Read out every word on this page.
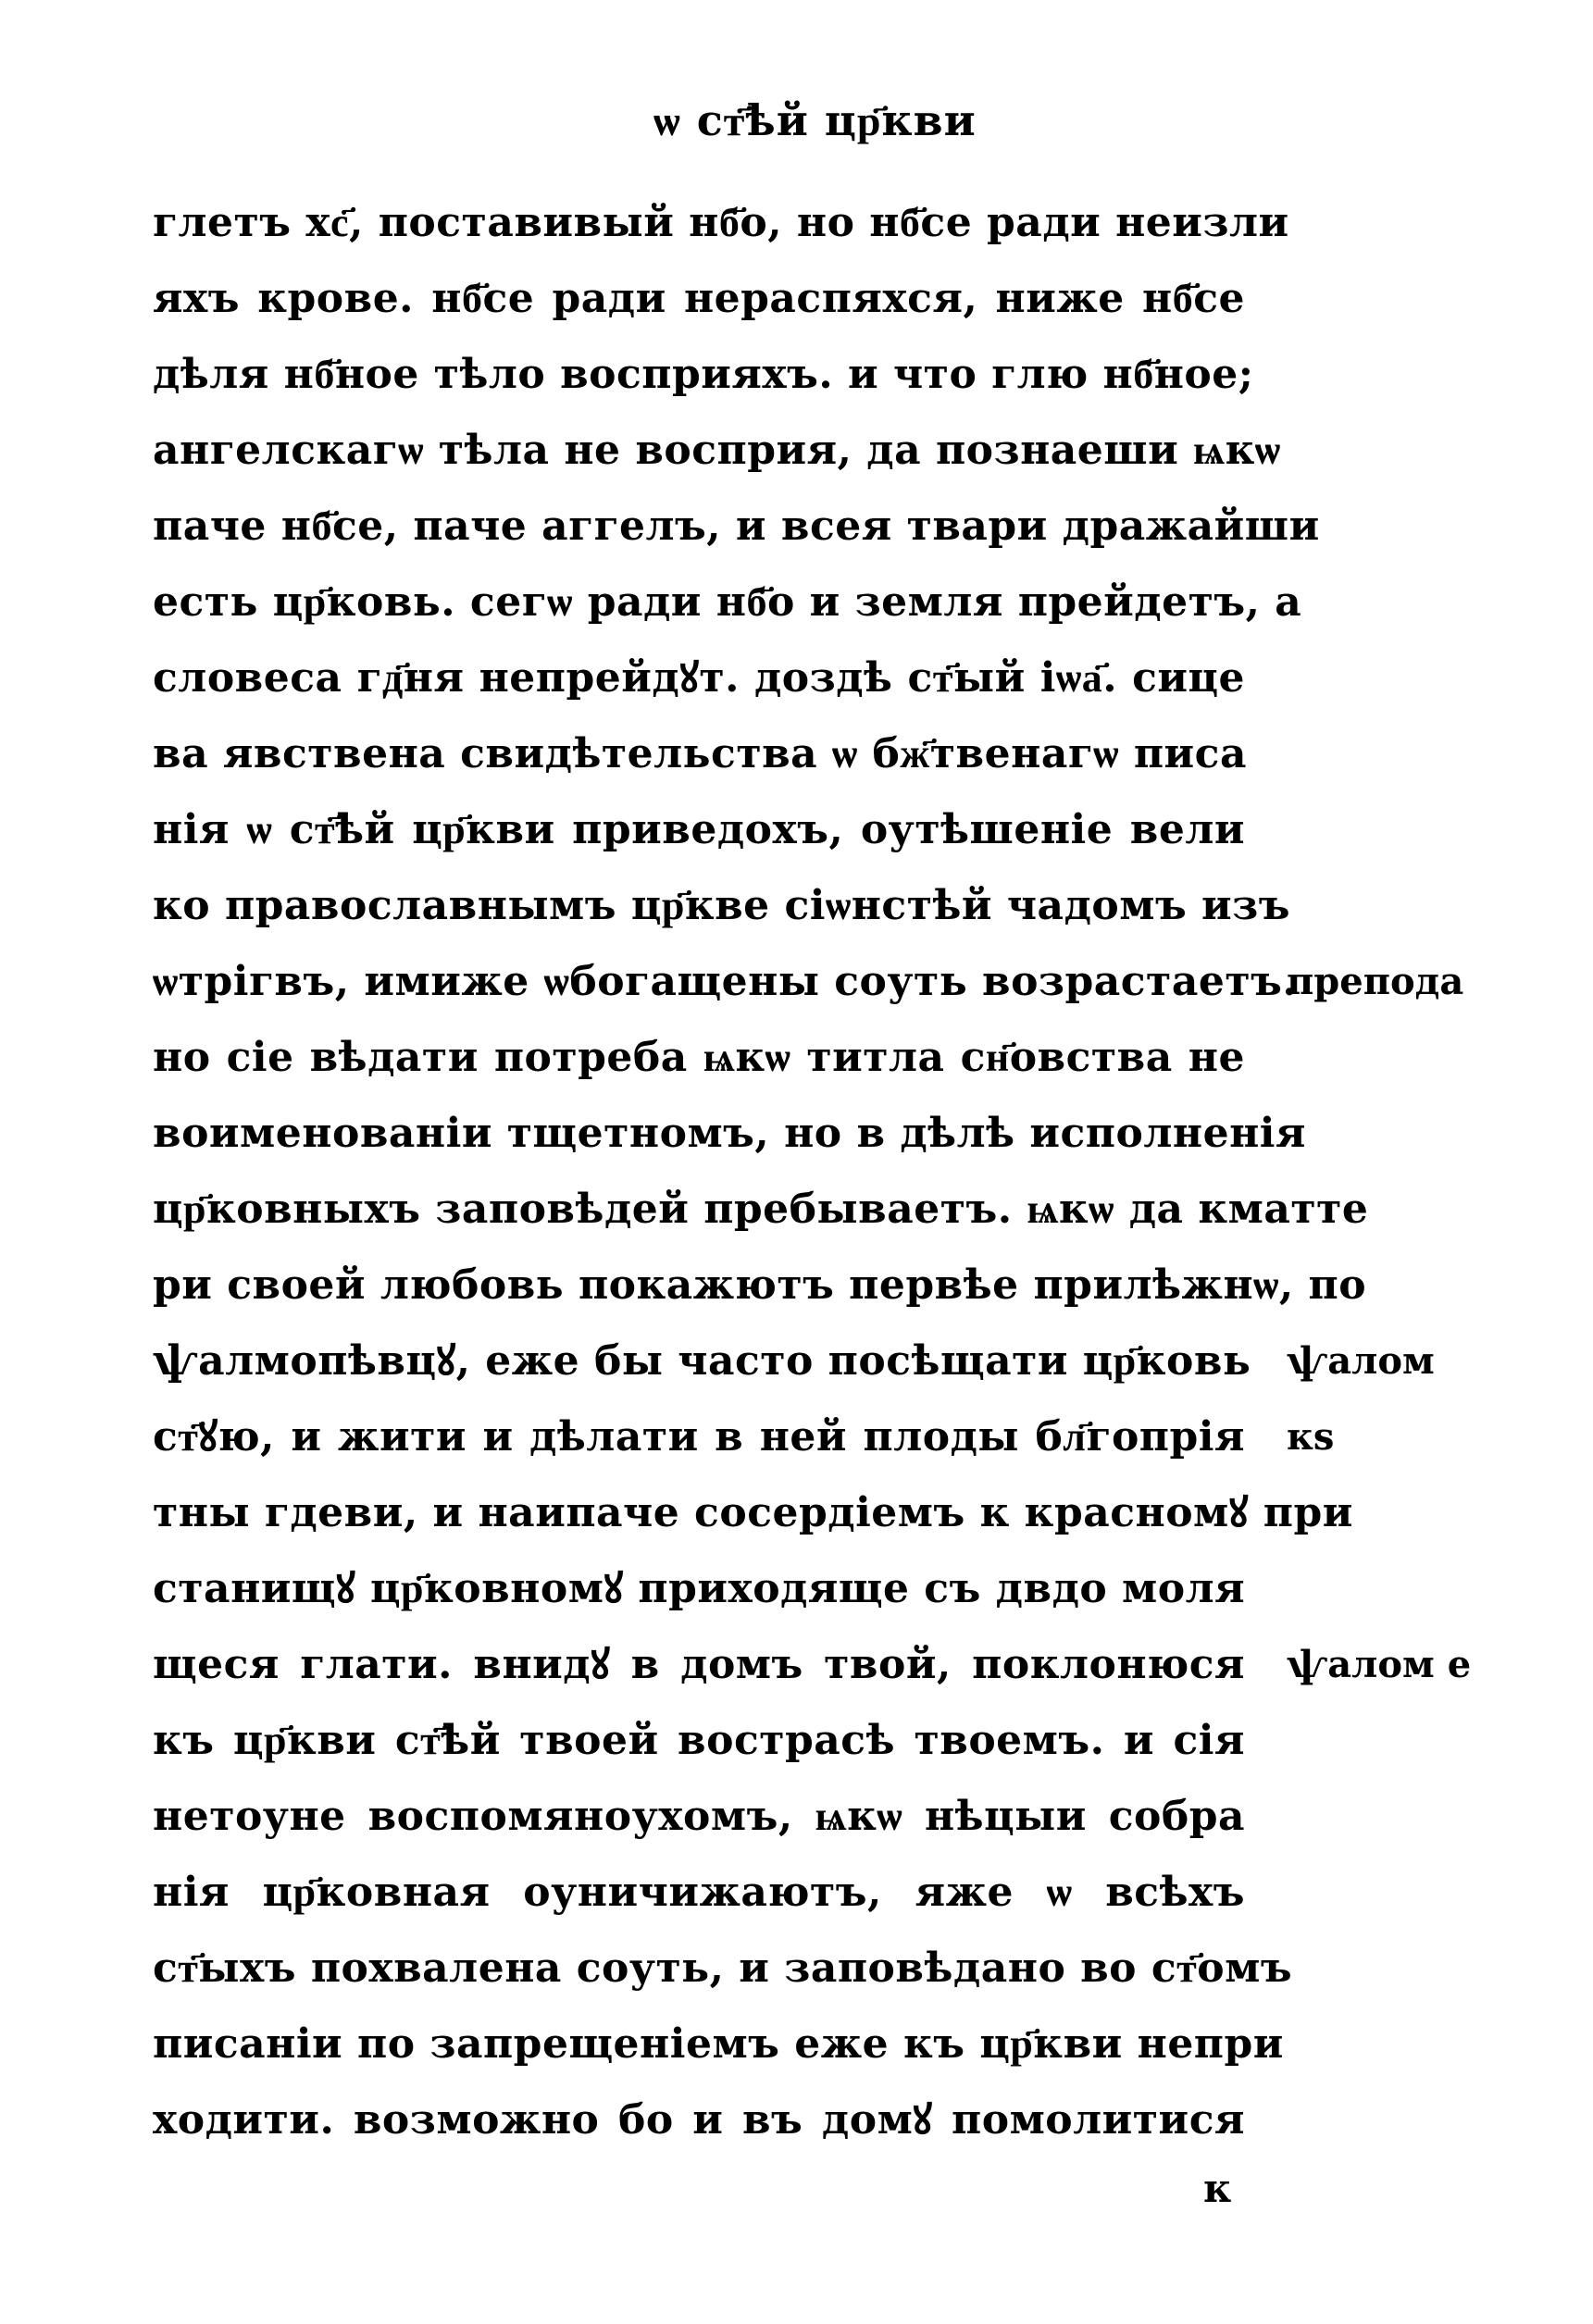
ѡ ст҃ѣй цр҃кви
глетъ хс҃, поставивый нб҃о, но нб҃се ради неизли
яхъ крове. нб҃се ради нераспяхся, ниже нб҃се
дѣля нб҃ное тѣло восприяхъ. и что глю нб҃ное;
ангелскагѡ тѣла не восприя, да познаеши ѩкѡ
паче нб҃се, паче аггелъ, и всея твари дражайши
есть цр҃ковь. сегѡ ради нб҃о и земля прейдетъ, а
словеса гд҃ня непрейдꙋт. доздѣ ст҃ый іѡа҃. сице
ва явствена свидѣтельства ѡ бж҃твенагѡ писа
нія ѡ ст҃ѣй цр҃кви приведохъ, оутѣшеніе вели
ко православнымъ цр҃кве сіѡнстѣй чадомъ изъ
ѡтрігвъ, имиже ѡбогащены соуть возрастаетъ.
но сіе вѣдати потреба ѩкѡ титла сн҃овства не
воименованіи тщетномъ, но в дѣлѣ исполненія
цр҃ковныхъ заповѣдей пребываетъ. ѩкѡ да кматте
ри своей любовь покажютъ первѣе прилѣжнѡ, по
ѱалмопѣвцꙋ, еже бы часто посѣщати цр҃ковь
ст҃ꙋю, и жити и дѣлати в ней плоды бл҃гопрія
тны гдеви, и наипаче сосердіемъ к красномꙋ при
станищꙋ цр҃ковномꙋ приходяще съ двдо моля
щеся глати. внидꙋ в домъ твой, поклонюся
къ цр҃кви ст҃ѣй твоей вострасѣ твоемъ. и сія
нетоуне воспомяноухомъ, ѩкѡ нѣцыи собра
нія цр҃ковная оуничижаютъ, яже ѡ всѣхъ
ст҃ыхъ похвалена соуть, и заповѣдано во ст҃омъ
писаніи по запрещеніемъ еже къ цр҃кви непри
ходити. возможно бо и въ домꙋ помолитися
препода
ѱалом
кѕ
ѱалом е
к
